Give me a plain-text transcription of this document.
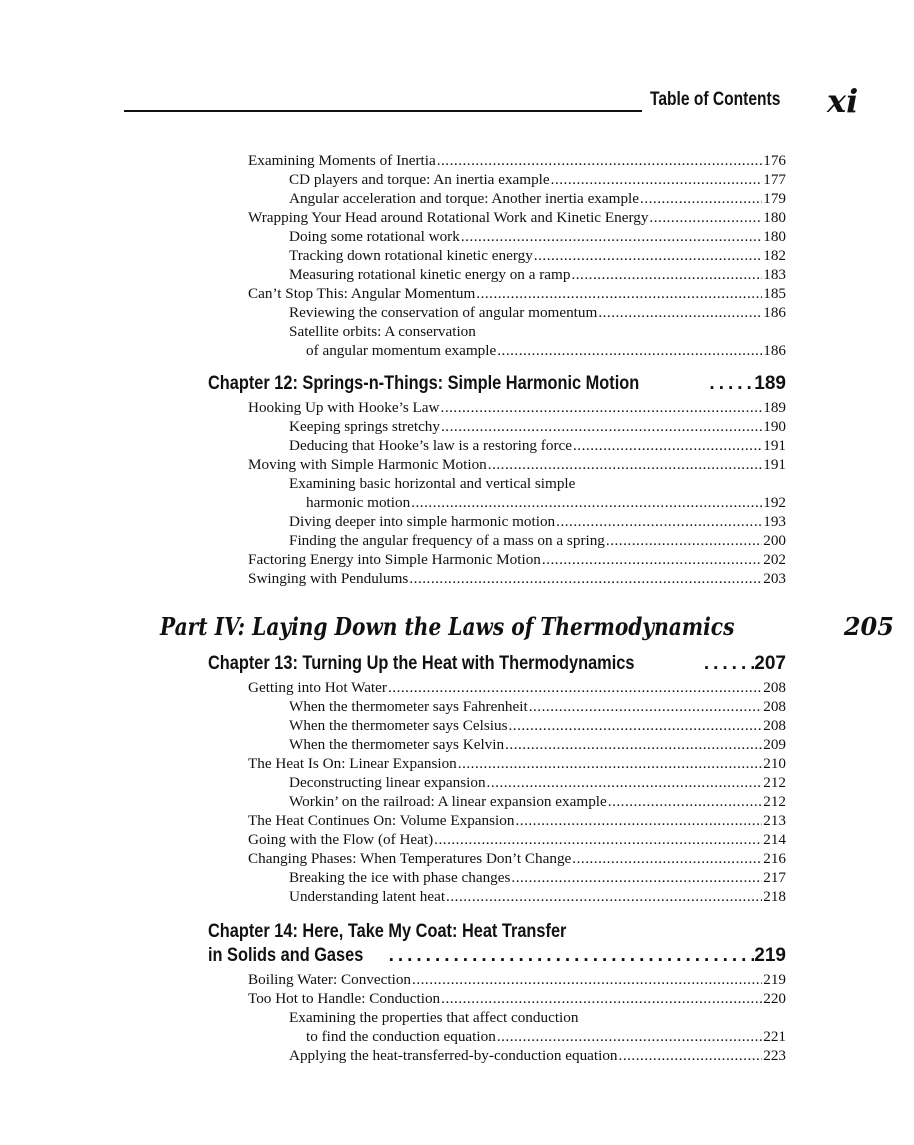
Table of Contents xi
Examining Moments of Inertia .....	176
CD players and torque: An inertia example .....	177
Angular acceleration and torque: Another inertia example .....	179
Wrapping Your Head around Rotational Work and Kinetic Energy .....	180
Doing some rotational work .....	180
Tracking down rotational kinetic energy .....	182
Measuring rotational kinetic energy on a ramp .....	183
Can’t Stop This: Angular Momentum .....	185
Reviewing the conservation of angular momentum .....	186
Satellite orbits: A conservation
of angular momentum example .....	186
Chapter 12: Springs-n-Things: Simple Harmonic Motion .....	189
Hooking Up with Hooke’s Law .....	189
Keeping springs stretchy .....	190
Deducing that Hooke’s law is a restoring force .....	191
Moving with Simple Harmonic Motion .....	191
Examining basic horizontal and vertical simple
harmonic motion .....	192
Diving deeper into simple harmonic motion .....	193
Finding the angular frequency of a mass on a spring .....	200
Factoring Energy into Simple Harmonic Motion .....	202
Swinging with Pendulums .....	203
Part IV: Laying Down the Laws of Thermodynamics	205
Chapter 13: Turning Up the Heat with Thermodynamics .....	207
Getting into Hot Water .....	208
When the thermometer says Fahrenheit .....	208
When the thermometer says Celsius .....	208
When the thermometer says Kelvin .....	209
The Heat Is On: Linear Expansion .....	210
Deconstructing linear expansion .....	212
Workin’ on the railroad: A linear expansion example .....	212
The Heat Continues On: Volume Expansion .....	213
Going with the Flow (of Heat) .....	214
Changing Phases: When Temperatures Don’t Change .....	216
Breaking the ice with phase changes .....	217
Understanding latent heat .....	218
Chapter 14: Here, Take My Coat: Heat Transfer
in Solids and Gases .....	219
Boiling Water: Convection .....	219
Too Hot to Handle: Conduction .....	220
Examining the properties that affect conduction
to find the conduction equation .....	221
Applying the heat-transferred-by-conduction equation .....	223
